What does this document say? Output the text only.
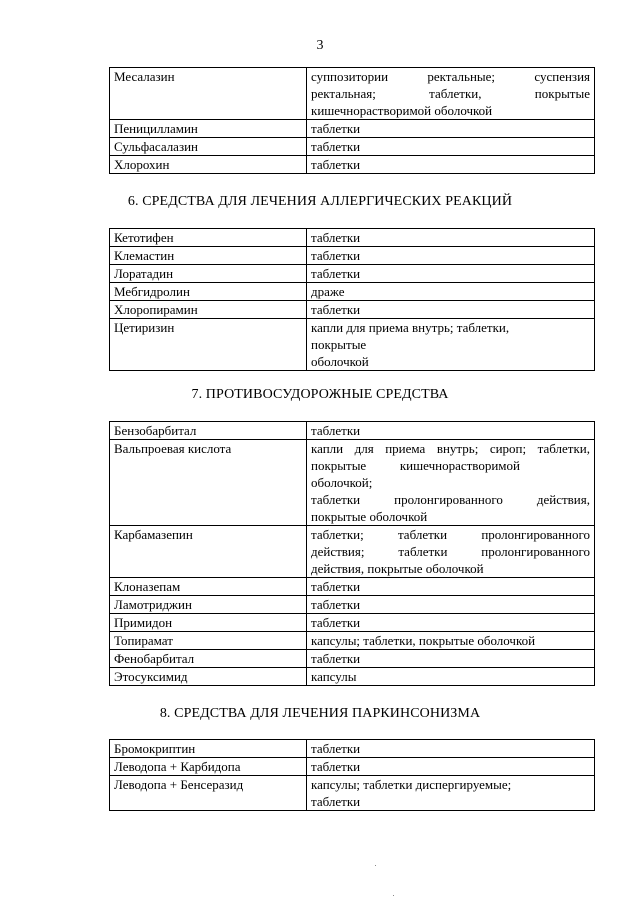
3
Месалазин	суппозитории ректальные; суспензия
ректальная; таблетки, покрытые
кишечнорастворимой оболочкой

Пеницилламин	таблетки
Сульфасалазин	таблетки
Хлорохин	таблетки
6. СРЕДСТВА ДЛЯ ЛЕЧЕНИЯ АЛЛЕРГИЧЕСКИХ РЕАКЦИЙ
Кетотифен	таблетки
Клемастин	таблетки
Лоратадин	таблетки
Мебгидролин	драже
Хлоропирамин	таблетки
Цетиризин	капли для приема внутрь; таблетки,
покрытые
оболочкой
7. ПРОТИВОСУДОРОЖНЫЕ СРЕДСТВА
Бензобарбитал	таблетки
Вальпроевая кислота	капли для приема внутрь; сироп; таблетки,
покрытые кишечнорастворимой
оболочкой;
таблетки пролонгированного действия,
покрытые оболочкой

Карбамазепин	таблетки; таблетки пролонгированного
действия; таблетки пролонгированного
действия, покрытые оболочкой

Клоназепам	таблетки
Ламотриджин	таблетки
Примидон	таблетки
Топирамат	капсулы; таблетки, покрытые оболочкой
Фенобарбитал	таблетки
Этосуксимид	капсулы
8. СРЕДСТВА ДЛЯ ЛЕЧЕНИЯ ПАРКИНСОНИЗМА
Бромокриптин	таблетки
Леводопа + Карбидопа	таблетки
Леводопа + Бенсеразид	капсулы; таблетки диспергируемые;
таблетки
